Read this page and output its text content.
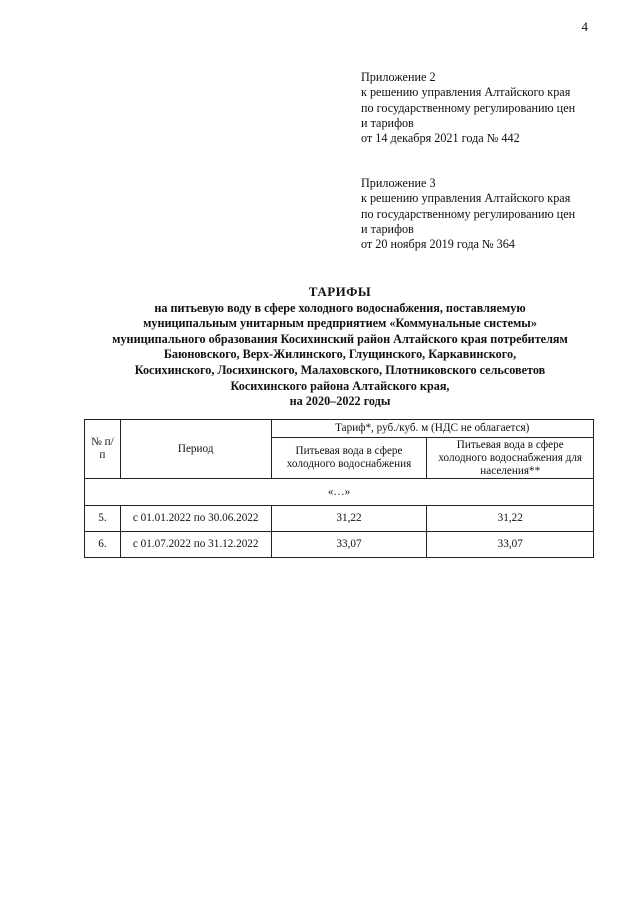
4
Приложение 2
к решению управления Алтайского края
по государственному регулированию цен
и тарифов
от 14 декабря 2021 года № 442
Приложение 3
к решению управления Алтайского края
по государственному регулированию цен
и тарифов
от 20 ноября 2019 года № 364
ТАРИФЫ
на питьевую воду в сфере холодного водоснабжения, поставляемую
муниципальным унитарным предприятием «Коммунальные системы»
муниципального образования Косихинский район Алтайского края потребителям
Баюновского, Верх-Жилинского, Глущинского, Каркавинского,
Косихинского, Лосихинского, Малаховского, Плотниковского сельсоветов
Косихинского района Алтайского края,
на 2020–2022 годы
№ п/п	Период	Тариф*, руб./куб. м (НДС не облагается)	
		Питьевая вода в сфере холодного водоснабжения	Питьевая вода в сфере холодного водоснабжения для населения**
«…»			
5.	с 01.01.2022 по 30.06.2022	31,22	31,22
6.	с 01.07.2022 по 31.12.2022	33,07	33,07
